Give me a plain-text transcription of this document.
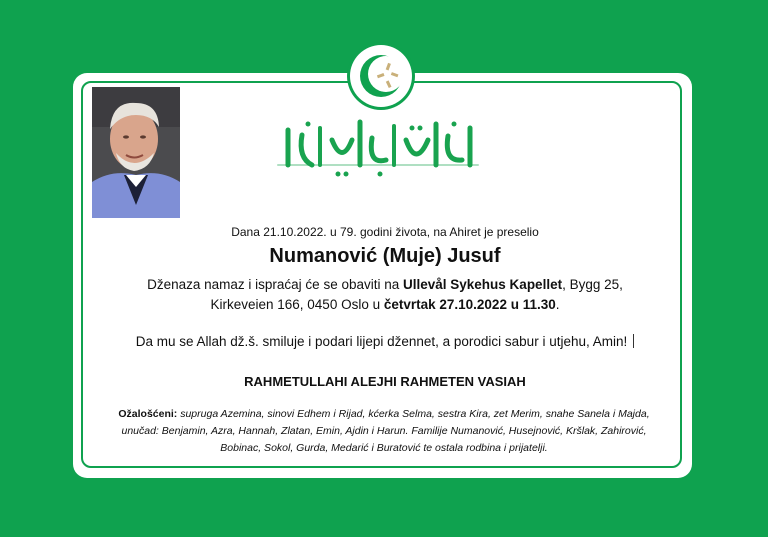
Dana 21.10.2022. u 79. godini života, na Ahiret je preselio
Numanović (Muje) Jusuf
Dženaza namaz i ispraćaj će se obaviti na Ullevål Sykehus Kapellet, Bygg 25,
Kirkeveien 166, 0450 Oslo u četvrtak 27.10.2022 u 11.30.
Da mu se Allah dž.š. smiluje i podari lijepi džennet, a porodici sabur i utjehu, Amin!
RAHMETULLAHI ALEJHI RAHMETEN VASIAH
Ožalošćeni: supruga Azemina, sinovi Edhem i Rijad, kćerka Selma, sestra Kira, zet Merim, snahe Sanela i Majda, unučad: Benjamin, Azra, Hannah, Zlatan, Emin, Ajdin i Harun. Familije Numanović, Husejnović, Kršlak, Zahirović, Bobinac, Sokol, Gurda, Medarić i Buratović te ostala rodbina i prijatelji.
